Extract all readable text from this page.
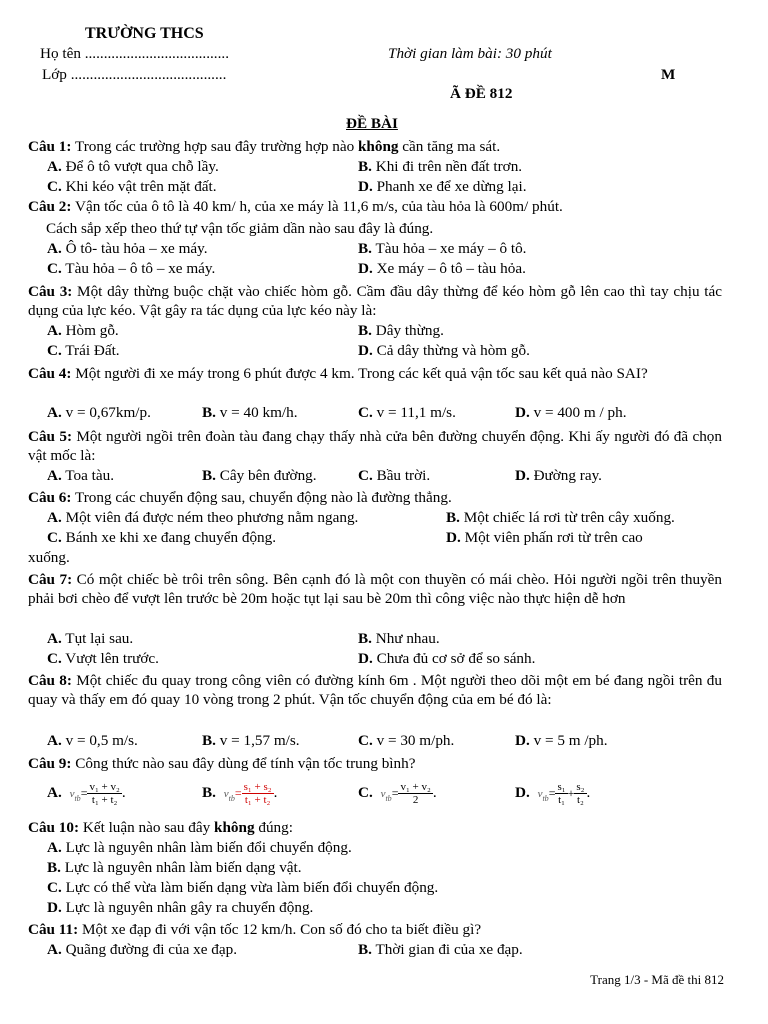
TRƯỜNG THCS
Họ tên ......................................	Thời gian làm bài: 30 phút
Lớp .........................................	M
Ã ĐỀ 812
ĐỀ BÀI
Câu 1: Trong các trường hợp sau đây trường hợp nào không cần tăng ma sát.
A. Để ô tô vượt qua chỗ lầy.	B. Khi đi trên nền đất trơn.
C. Khi kéo vật trên mặt đất.	D. Phanh xe để xe dừng lại.
Câu 2: Vận tốc của ô tô là 40 km/ h, của xe máy là 11,6 m/s, của tàu hỏa là 600m/ phút.
Cách sắp xếp theo thứ tự vận tốc giảm dần nào sau đây là đúng.
A. Ô tô- tàu hỏa – xe máy.	B. Tàu hỏa – xe máy – ô tô.
C. Tàu hỏa – ô tô – xe máy.	D. Xe máy – ô tô – tàu hỏa.
Câu 3: Một dây thừng buộc chặt vào chiếc hòm gỗ. Cầm đầu dây thừng để kéo hòm gỗ lên cao thì tay chịu tác dụng của lực kéo. Vật gây ra tác dụng của lực kéo này là:
A. Hòm gỗ.	B. Dây thừng.
C. Trái Đất.	D. Cả dây thừng và hòm gỗ.
Câu 4: Một người đi xe máy trong 6 phút được 4 km. Trong các kết quả vận tốc sau kết quả nào SAI?
A. v = 0,67km/p.	B. v = 40 km/h.	C. v = 11,1 m/s.	D. v = 400 m / ph.
Câu 5: Một người ngồi trên đoàn tàu đang chạy thấy nhà cửa bên đường chuyển động. Khi ấy người đó đã chọn vật mốc là:
A. Toa tàu.	B. Cây bên đường.	C. Bầu trời.	D. Đường ray.
Câu 6: Trong các chuyển động sau, chuyển động nào là đường thẳng.
A. Một viên đá được ném theo phương nằm ngang.	B. Một chiếc lá rơi từ trên cây xuống.
C. Bánh xe khi xe đang chuyển động.	D. Một viên phấn rơi từ trên cao
xuống.
Câu 7: Có một chiếc bè trôi trên sông. Bên cạnh đó là một con thuyền có mái chèo. Hỏi người ngồi trên thuyền phải bơi chèo để vượt lên trước bè 20m hoặc tụt lại sau bè 20m thì công việc nào thực hiện dễ hơn
A. Tụt lại sau.	B. Như nhau.
C. Vượt lên trước.	D. Chưa đủ cơ sở để so sánh.
Câu 8: Một chiếc đu quay trong công viên có đường kính 6m . Một người theo dõi một em bé đang ngồi trên đu quay và thấy em đó quay 10 vòng trong 2 phút. Vận tốc chuyển động của em bé đó là:
A. v = 0,5 m/s.	B. v = 1,57 m/s.	C. v = 30 m/ph.	D. v = 5 m /ph.
Câu 9: Công thức nào sau đây dùng để tính vận tốc trung bình?
A. $v_{tb}= \frac{\text{v₁ + v₂}}{\text{t₁ + t₂}}$ .	B. $v_{tb}= \frac{\text{s₁ + s₂}}{\text{t₁ + t₂}}$ .	C. $v_{tb}= \frac{\text{v₁ + v₂}}{2}$ .	D. $v_{tb}= \frac{\text{s₁}}{\text{t₁}} + \frac{\text{s₂}}{\text{t₂}}$ .
Câu 10: Kết luận nào sau đây không đúng:
A. Lực là nguyên nhân làm biến đổi chuyển động.
B. Lực là nguyên nhân làm biến dạng vật.
C. Lực có thể vừa làm biến dạng vừa làm biến đổi chuyển động.
D. Lực là nguyên nhân gây ra chuyển động.
Câu 11: Một xe đạp đi với vận tốc 12 km/h. Con số đó cho ta biết điều gì?
A. Quãng đường đi của xe đạp.	B. Thời gian đi của xe đạp.
Trang 1/3 - Mã đề thi 812
